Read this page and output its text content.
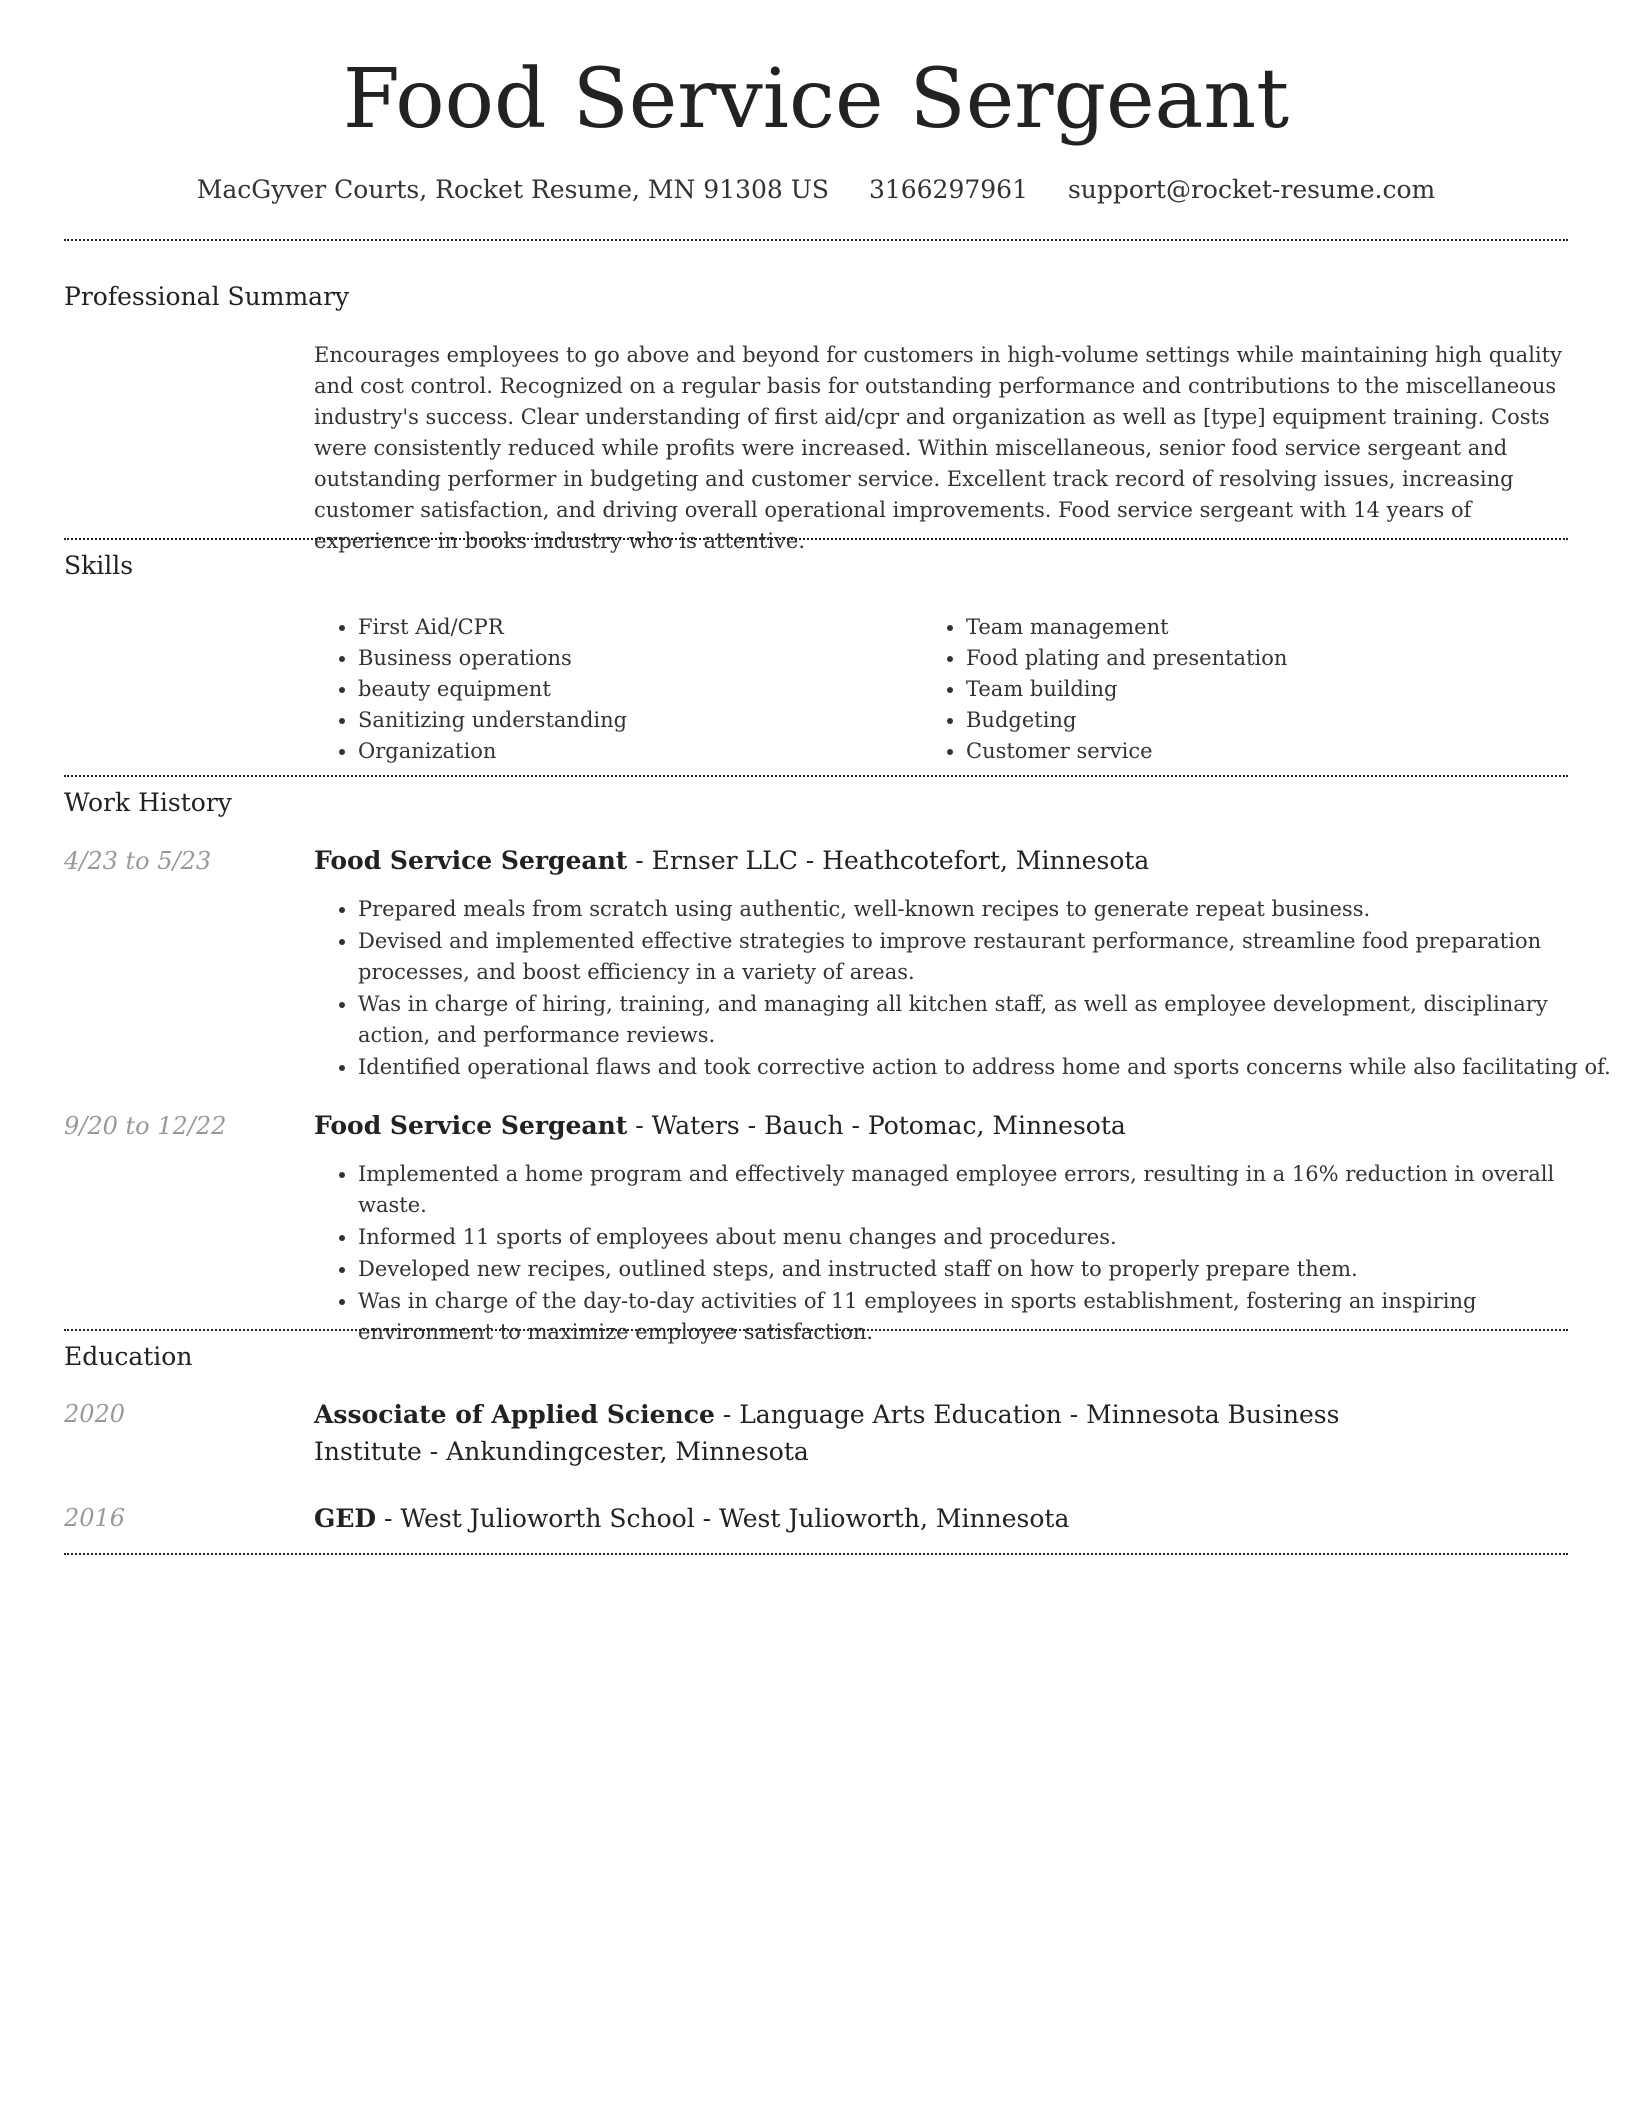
Food Service Sergeant
MacGyver Courts, Rocket Resume, MN 91308 US 3166297961 support@rocket-resume.com
Professional Summary

Encourages employees to go above and beyond for customers in high-volume settings while maintaining high quality and cost control. Recognized on a regular basis for outstanding performance and contributions to the miscellaneous industry's success. Clear understanding of first aid/cpr and organization as well as [type] equipment training. Costs were consistently reduced while profits were increased. Within miscellaneous, senior food service sergeant and outstanding performer in budgeting and customer service. Excellent track record of resolving issues, increasing customer satisfaction, and driving overall operational improvements. Food service sergeant with 14 years of experience in books industry who is attentive.

Skills
• First Aid/CPR
• Business operations
• beauty equipment
• Sanitizing understanding
• Organization
• Team management
• Food plating and presentation
• Team building
• Budgeting
• Customer service
Work History
4/23 to 5/23	Food Service Sergeant - Ernser LLC - Heathcotefort, Minnesota
• Prepared meals from scratch using authentic, well-known recipes to generate repeat business.
• Devised and implemented effective strategies to improve restaurant performance, streamline food preparation processes, and boost efficiency in a variety of areas.
• Was in charge of hiring, training, and managing all kitchen staff, as well as employee development, disciplinary action, and performance reviews.
• Identified operational flaws and took corrective action to address home and sports concerns while also facilitating of.
9/20 to 12/22	Food Service Sergeant - Waters - Bauch - Potomac, Minnesota
• Implemented a home program and effectively managed employee errors, resulting in a 16% reduction in overall waste.
• Informed 11 sports of employees about menu changes and procedures.
• Developed new recipes, outlined steps, and instructed staff on how to properly prepare them.
• Was in charge of the day-to-day activities of 11 employees in sports establishment, fostering an inspiring environment to maximize employee satisfaction.
Education
2020	Associate of Applied Science - Language Arts Education - Minnesota Business Institute - Ankundingcester, Minnesota
2016	GED - West Julioworth School - West Julioworth, Minnesota
